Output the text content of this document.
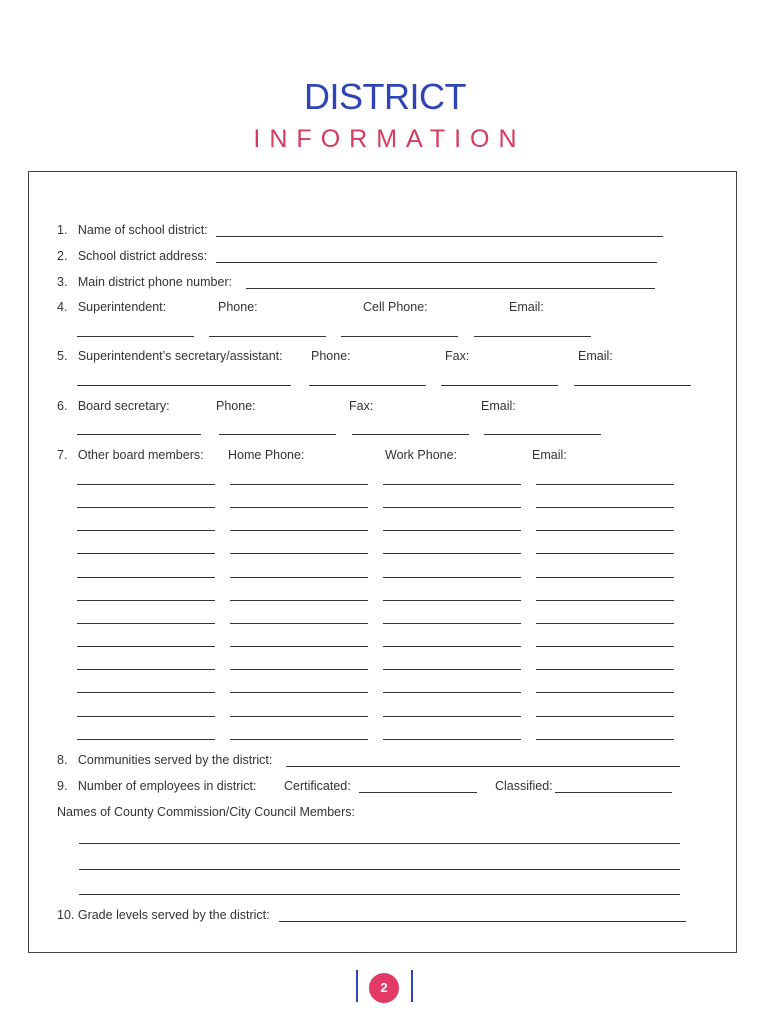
DISTRICT
INFORMATION
1.   Name of school district:
2.   School district address:
3.   Main district phone number:
4.   Superintendent:	Phone:	Cell Phone:	Email:
5.   Superintendent’s secretary/assistant: Phone:	Fax:	Email:
6.   Board secretary:	Phone:	Fax:	Email:
7.   Other board members: Home Phone:	Work Phone:	Email:
8.   Communities served by the district:
9.   Number of employees in district: Certificated:	Classified:
Names of County Commission/City Council Members:
10. Grade levels served by the district:
2
